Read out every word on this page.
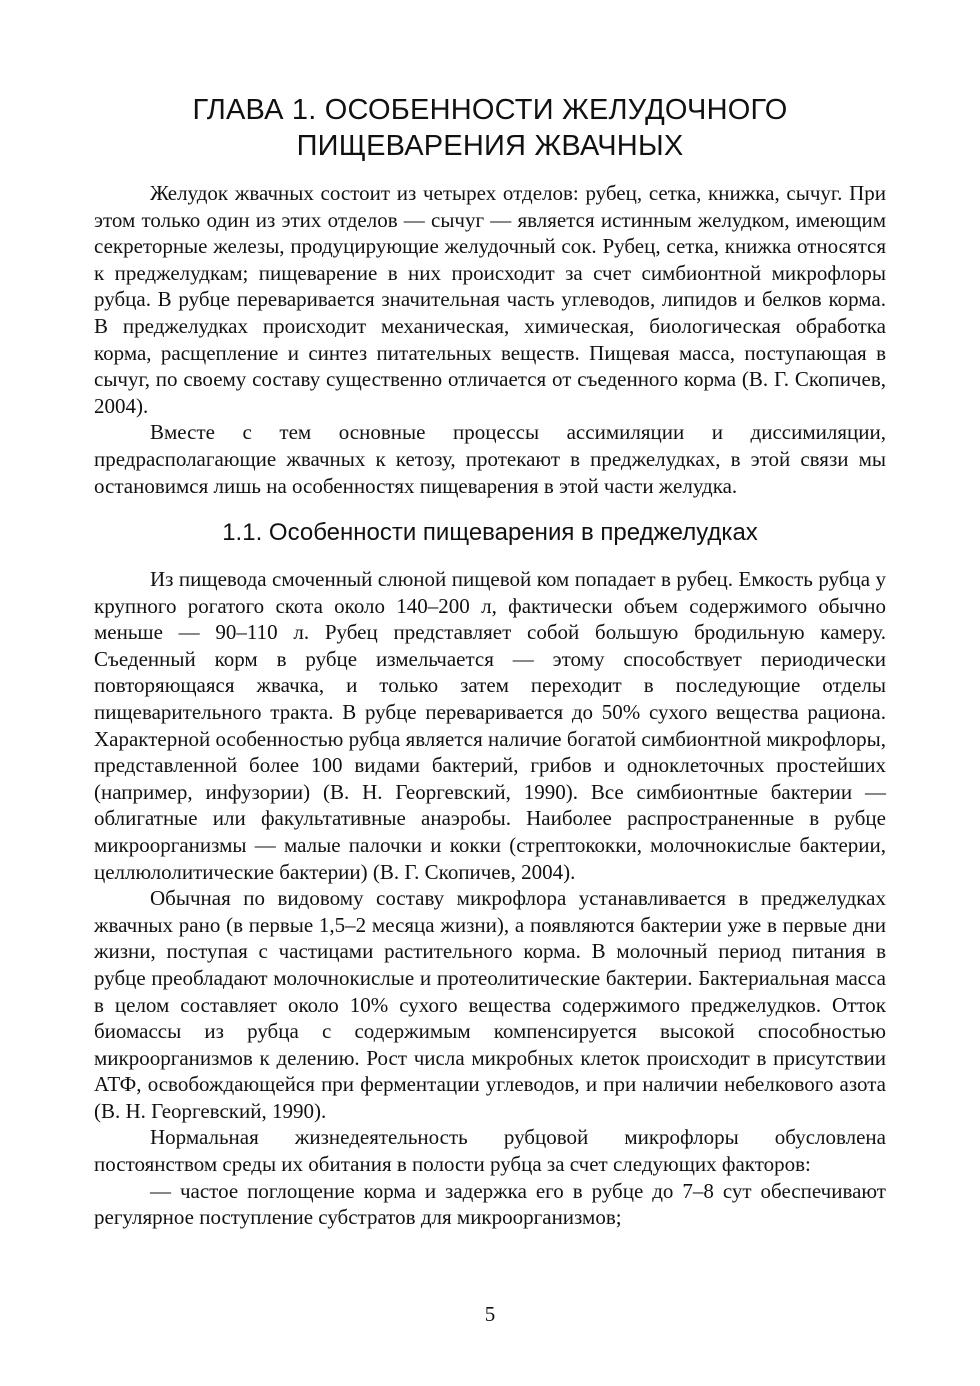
ГЛАВА 1. ОСОБЕННОСТИ ЖЕЛУДОЧНОГО
ПИЩЕВАРЕНИЯ ЖВАЧНЫХ

Желудок жвачных состоит из четырех отделов: рубец, сетка, книжка, сычуг. При этом только один из этих отделов — сычуг — является истинным желудком, имеющим секреторные железы, продуцирующие желудочный сок. Рубец, сетка, книжка относятся к преджелудкам; пищеварение в них происходит за счет симбионтной микрофлоры рубца. В рубце переваривается значительная часть углеводов, липидов и белков корма. В преджелудках происходит механическая, химическая, биологическая обработка корма, расщепление и синтез питательных веществ. Пищевая масса, поступающая в сычуг, по своему составу существенно отличается от съеденного корма (В. Г. Скопичев, 2004).

Вместе с тем основные процессы ассимиляции и диссимиляции, предрасполагающие жвачных к кетозу, протекают в преджелудках, в этой связи мы остановимся лишь на особенностях пищеварения в этой части желудка.

1.1. Особенности пищеварения в преджелудках

Из пищевода смоченный слюной пищевой ком попадает в рубец. Емкость рубца у крупного рогатого скота около 140–200 л, фактически объем содержимого обычно меньше — 90–110 л. Рубец представляет собой большую бродильную камеру. Съеденный корм в рубце измельчается — этому способствует периодически повторяющаяся жвачка, и только затем переходит в последующие отделы пищеварительного тракта. В рубце переваривается до 50% сухого вещества рациона. Характерной особенностью рубца является наличие богатой симбионтной микрофлоры, представленной более 100 видами бактерий, грибов и одноклеточных простейших (например, инфузории) (В. Н. Георгевский, 1990). Все симбионтные бактерии — облигатные или факультативные анаэробы. Наиболее распространенные в рубце микроорганизмы — малые палочки и кокки (стрептококки, молочнокислые бактерии, целлюлолитические бактерии) (В. Г. Скопичев, 2004).

Обычная по видовому составу микрофлора устанавливается в преджелудках жвачных рано (в первые 1,5–2 месяца жизни), а появляются бактерии уже в первые дни жизни, поступая с частицами растительного корма. В молочный период питания в рубце преобладают молочнокислые и протеолитические бактерии. Бактериальная масса в целом составляет около 10% сухого вещества содержимого преджелудков. Отток биомассы из рубца с содержимым компенсируется высокой способностью микроорганизмов к делению. Рост числа микробных клеток происходит в присутствии АТФ, освобождающейся при ферментации углеводов, и при наличии небелкового азота (В. Н. Георгевский, 1990).

Нормальная жизнедеятельность рубцовой микрофлоры обусловлена постоянством среды их обитания в полости рубца за счет следующих факторов:

— частое поглощение корма и задержка его в рубце до 7–8 сут обеспечивают регулярное поступление субстратов для микроорганизмов;

5
